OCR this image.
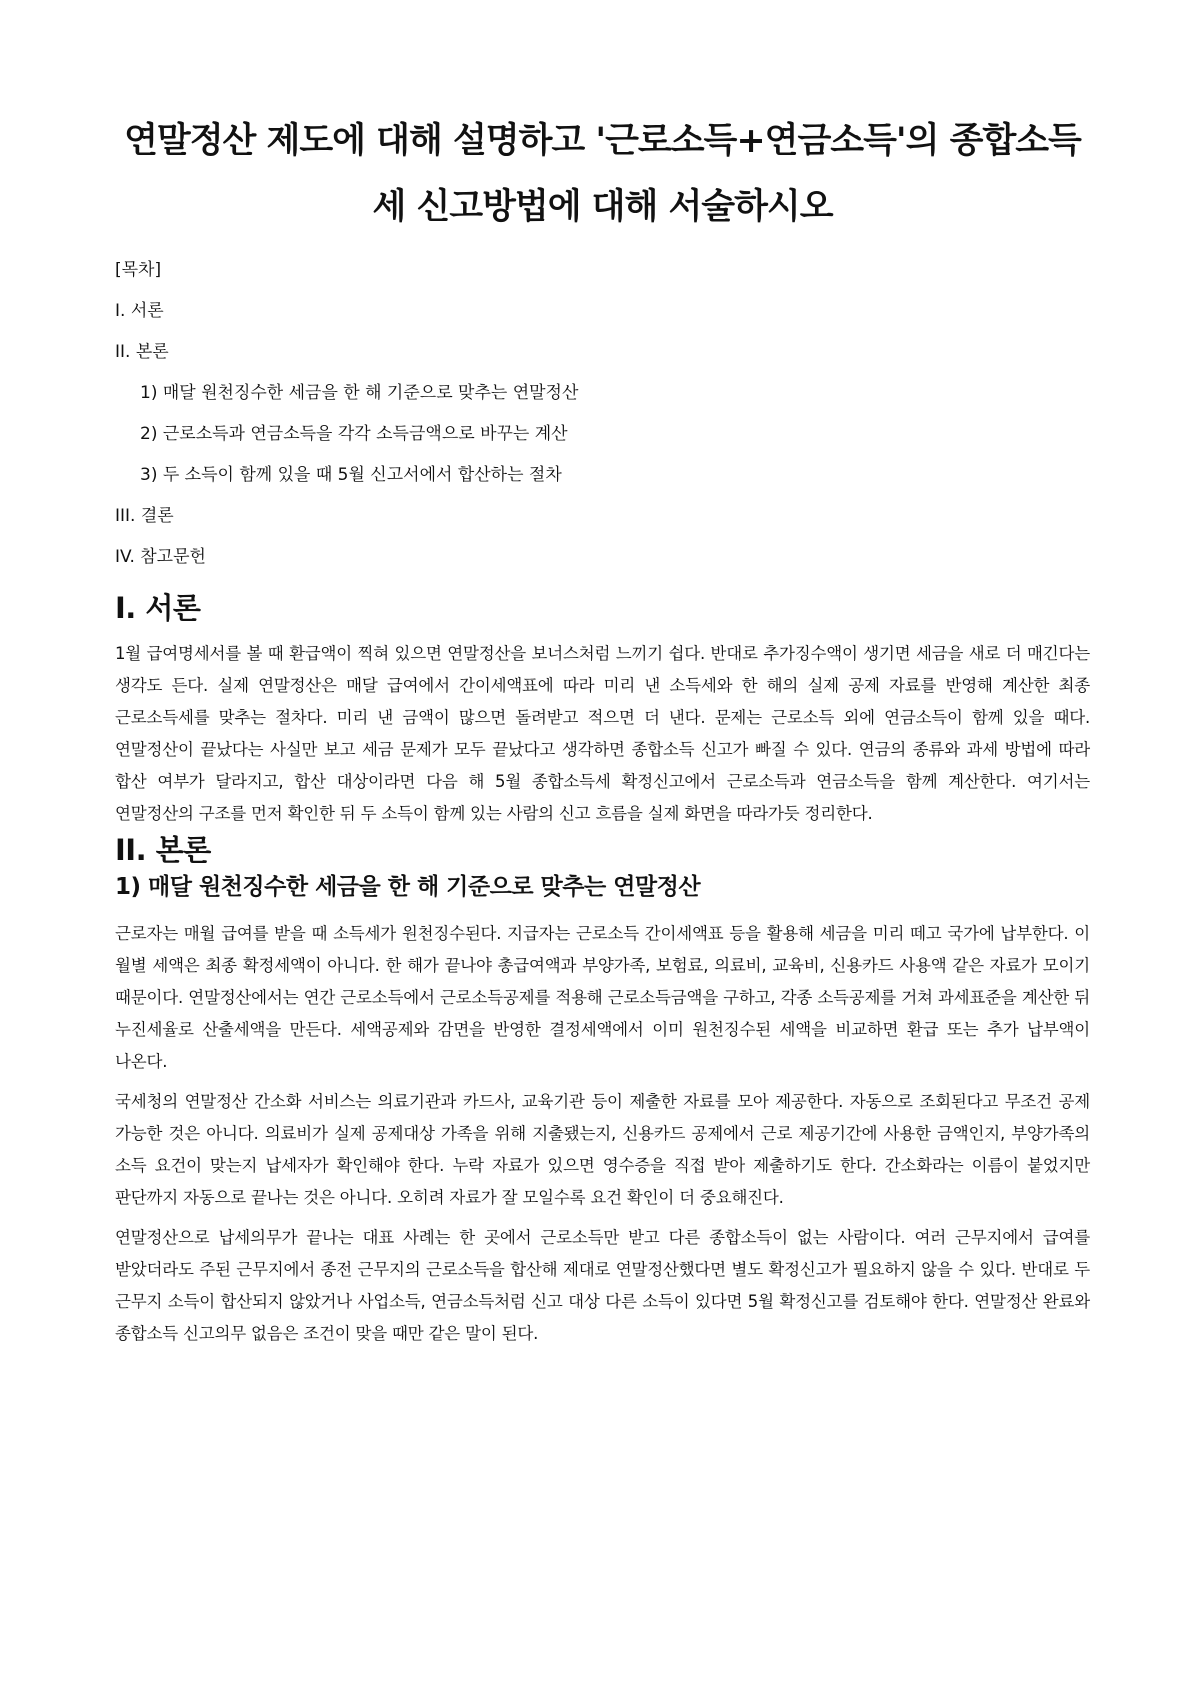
연말정산 제도에 대해 설명하고 '근로소득+연금소득'의 종합소득세 신고방법에 대해 서술하시오
[목차]
I. 서론
II. 본론
1) 매달 원천징수한 세금을 한 해 기준으로 맞추는 연말정산
2) 근로소득과 연금소득을 각각 소득금액으로 바꾸는 계산
3) 두 소득이 함께 있을 때 5월 신고서에서 합산하는 절차
III. 결론
IV. 참고문헌
I. 서론

1월 급여명세서를 볼 때 환급액이 찍혀 있으면 연말정산을 보너스처럼 느끼기 쉽다. 반대로 추가징수액이 생기면 세금을 새로 더 매긴다는 생각도 든다. 실제 연말정산은 매달 급여에서 간이세액표에 따라 미리 낸 소득세와 한 해의 실제 공제 자료를 반영해 계산한 최종 근로소득세를 맞추는 절차다. 미리 낸 금액이 많으면 돌려받고 적으면 더 낸다. 문제는 근로소득 외에 연금소득이 함께 있을 때다. 연말정산이 끝났다는 사실만 보고 세금 문제가 모두 끝났다고 생각하면 종합소득 신고가 빠질 수 있다. 연금의 종류와 과세 방법에 따라 합산 여부가 달라지고, 합산 대상이라면 다음 해 5월 종합소득세 확정신고에서 근로소득과 연금소득을 함께 계산한다. 여기서는 연말정산의 구조를 먼저 확인한 뒤 두 소득이 함께 있는 사람의 신고 흐름을 실제 화면을 따라가듯 정리한다.

II. 본론
1) 매달 원천징수한 세금을 한 해 기준으로 맞추는 연말정산

근로자는 매월 급여를 받을 때 소득세가 원천징수된다. 지급자는 근로소득 간이세액표 등을 활용해 세금을 미리 떼고 국가에 납부한다. 이 월별 세액은 최종 확정세액이 아니다. 한 해가 끝나야 총급여액과 부양가족, 보험료, 의료비, 교육비, 신용카드 사용액 같은 자료가 모이기 때문이다. 연말정산에서는 연간 근로소득에서 근로소득공제를 적용해 근로소득금액을 구하고, 각종 소득공제를 거쳐 과세표준을 계산한 뒤 누진세율로 산출세액을 만든다. 세액공제와 감면을 반영한 결정세액에서 이미 원천징수된 세액을 비교하면 환급 또는 추가 납부액이 나온다.

국세청의 연말정산 간소화 서비스는 의료기관과 카드사, 교육기관 등이 제출한 자료를 모아 제공한다. 자동으로 조회된다고 무조건 공제 가능한 것은 아니다. 의료비가 실제 공제대상 가족을 위해 지출됐는지, 신용카드 공제에서 근로 제공기간에 사용한 금액인지, 부양가족의 소득 요건이 맞는지 납세자가 확인해야 한다. 누락 자료가 있으면 영수증을 직접 받아 제출하기도 한다. 간소화라는 이름이 붙었지만 판단까지 자동으로 끝나는 것은 아니다. 오히려 자료가 잘 모일수록 요건 확인이 더 중요해진다.

연말정산으로 납세의무가 끝나는 대표 사례는 한 곳에서 근로소득만 받고 다른 종합소득이 없는 사람이다. 여러 근무지에서 급여를 받았더라도 주된 근무지에서 종전 근무지의 근로소득을 합산해 제대로 연말정산했다면 별도 확정신고가 필요하지 않을 수 있다. 반대로 두 근무지 소득이 합산되지 않았거나 사업소득, 연금소득처럼 신고 대상 다른 소득이 있다면 5월 확정신고를 검토해야 한다. 연말정산 완료와 종합소득 신고의무 없음은 조건이 맞을 때만 같은 말이 된다.
